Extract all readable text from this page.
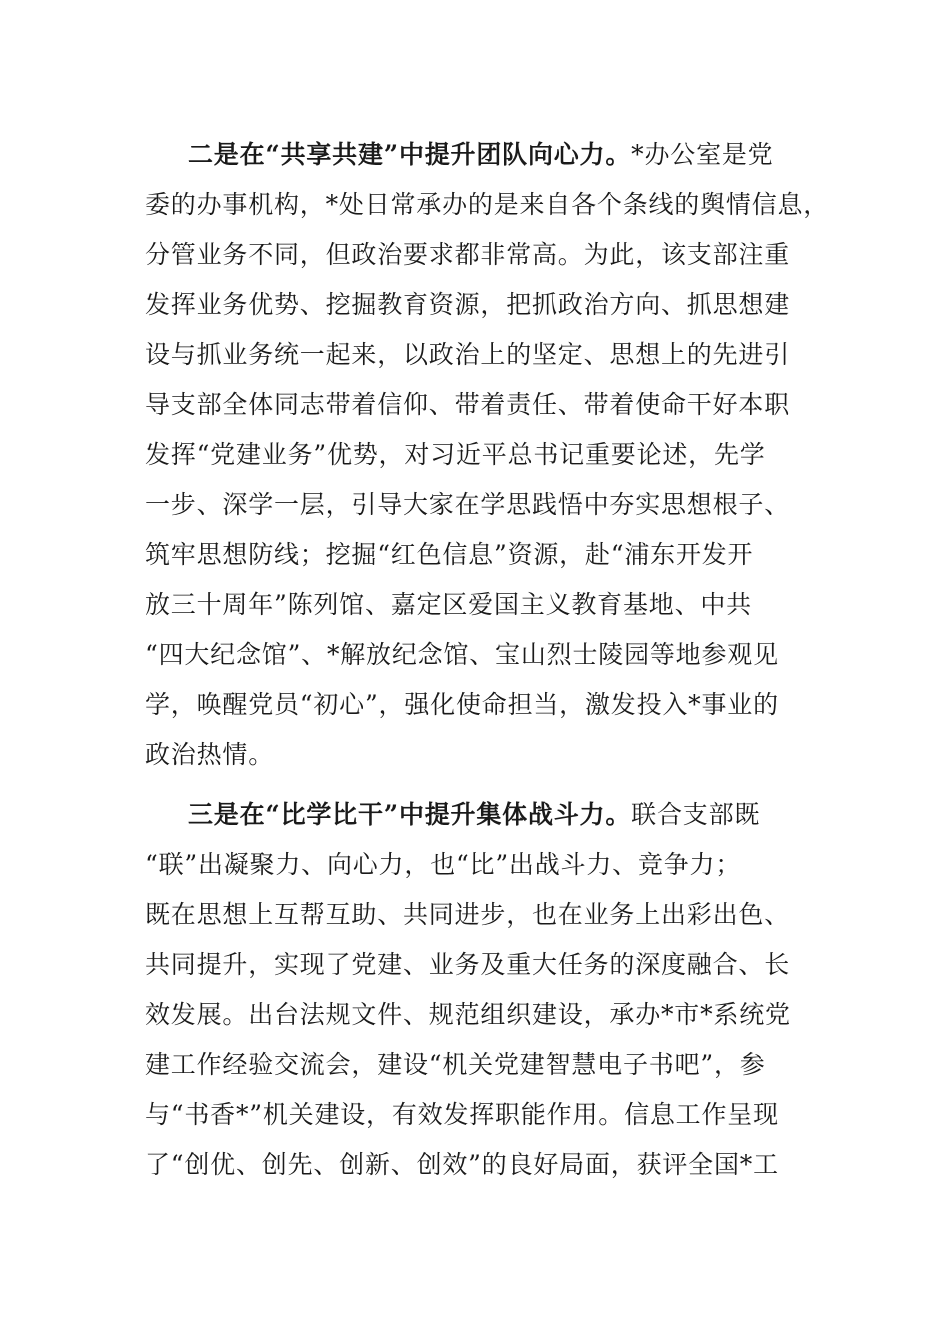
二是在“共享共建”中提升团队向心力。*办公室是党
委的办事机构，*处日常承办的是来自各个条线的舆情信息，
分管业务不同，但政治要求都非常高。为此，该支部注重
发挥业务优势、挖掘教育资源，把抓政治方向、抓思想建
设与抓业务统一起来，以政治上的坚定、思想上的先进引
导支部全体同志带着信仰、带着责任、带着使命干好本职
发挥“党建业务”优势，对习近平总书记重要论述，先学
一步、深学一层，引导大家在学思践悟中夯实思想根子、
筑牢思想防线；挖掘“红色信息”资源，赴“浦东开发开
放三十周年”陈列馆、嘉定区爱国主义教育基地、中共
“四大纪念馆”、*解放纪念馆、宝山烈士陵园等地参观见
学，唤醒党员“初心”，强化使命担当，激发投入*事业的
政治热情。
三是在“比学比干”中提升集体战斗力。联合支部既
“联”出凝聚力、向心力，也“比”出战斗力、竞争力；
既在思想上互帮互助、共同进步，也在业务上出彩出色、
共同提升，实现了党建、业务及重大任务的深度融合、长
效发展。出台法规文件、规范组织建设，承办*市*系统党
建工作经验交流会，建设“机关党建智慧电子书吧”，参
与“书香*”机关建设，有效发挥职能作用。信息工作呈现
了“创优、创先、创新、创效”的良好局面，获评全国*工
